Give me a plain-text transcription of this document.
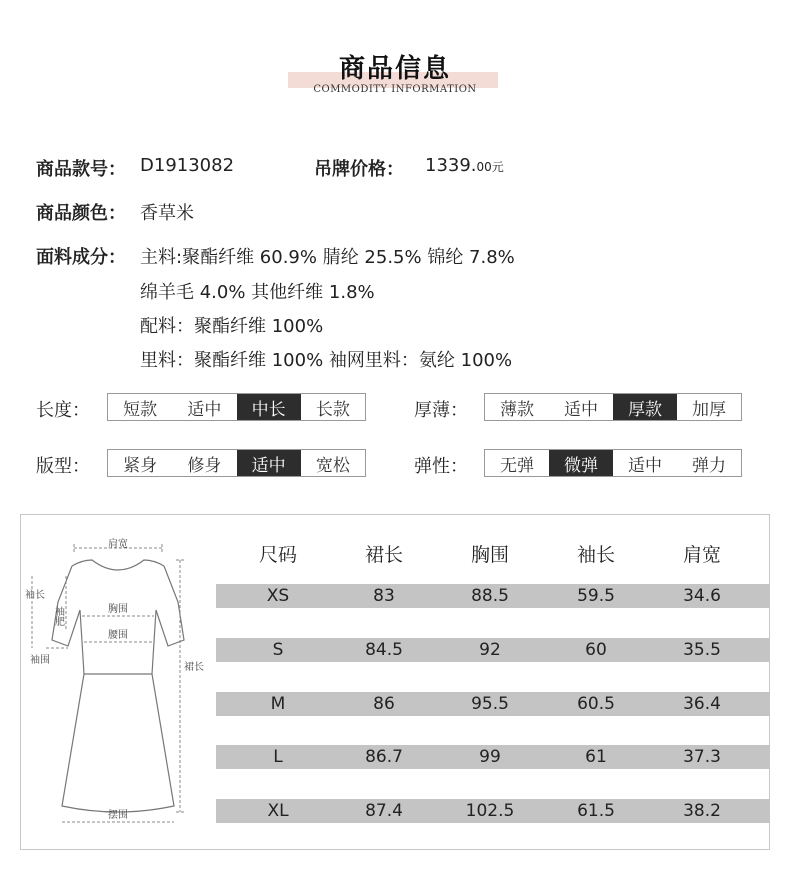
商品信息
COMMODITY INFORMATION
商品款号： D1913082	吊牌价格： 1339.00元
商品颜色： 香草米
面料成分： 主料:聚酯纤维 60.9% 腈纶 25.5% 锦纶 7.8%
绵羊毛 4.0% 其他纤维 1.8%
配料：聚酯纤维 100%
里料：聚酯纤维 100% 袖网里料：氨纶 100%
长度：	短款	适中	中长	长款	厚薄：	薄款	适中	厚款	加厚
版型：	紧身	修身	适中	宽松	弹性：	无弹	微弹	适中	弹力
肩宽
袖长
袖肥	胸围
腰围
袖围
裙长
摆围
尺码	裙长	胸围	袖长	肩宽
XS	83	88.5	59.5	34.6
S	84.5	92	60	35.5
M	86	95.5	60.5	36.4
L	86.7	99	61	37.3
XL	87.4	102.5	61.5	38.2
